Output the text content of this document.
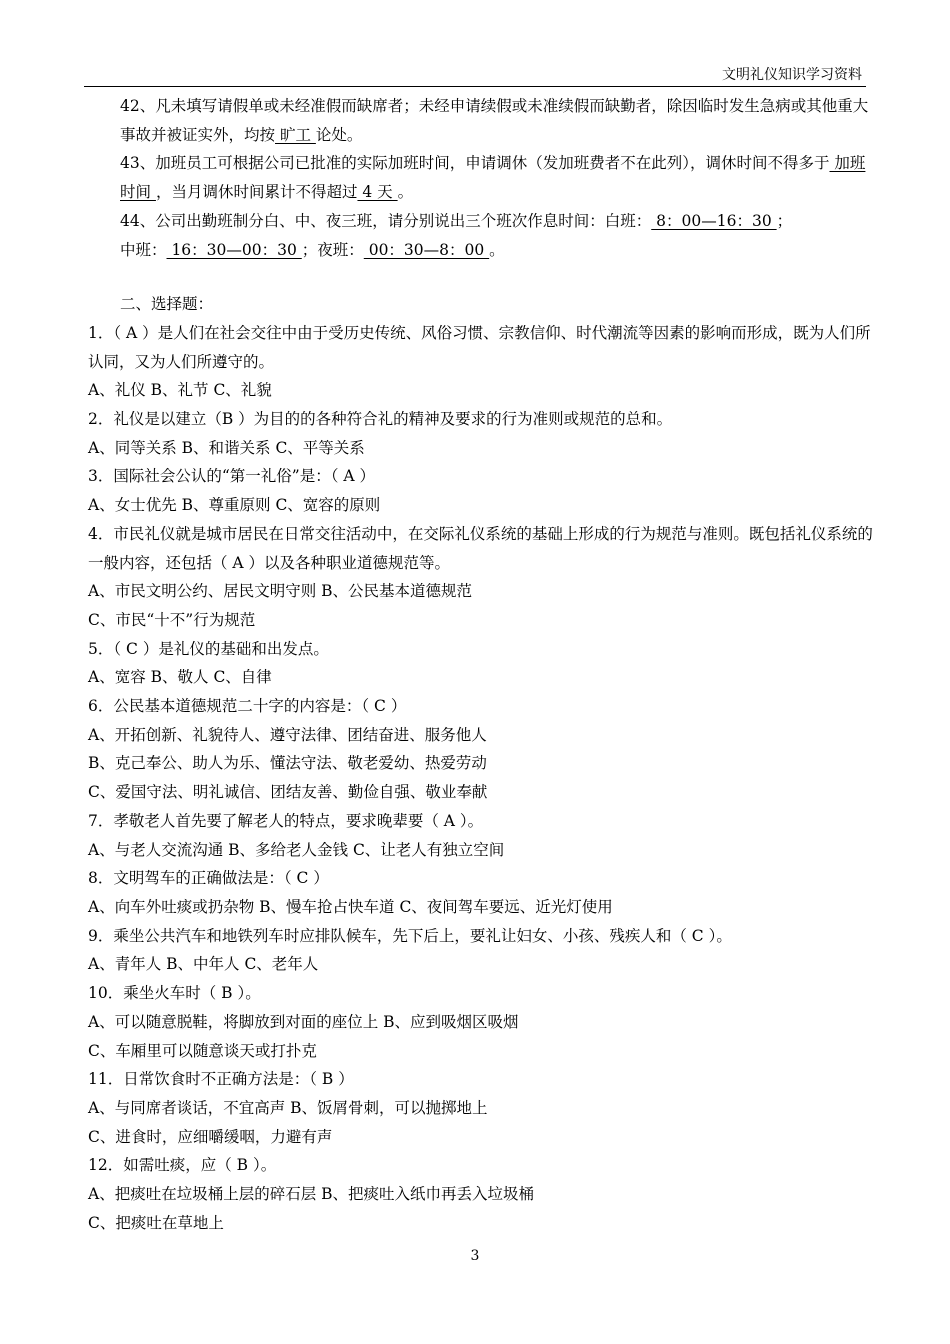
文明礼仪知识学习资料

42、凡未填写请假单或未经准假而缺席者；未经申请续假或未准续假而缺勤者，除因临时发生急病或其他重大事故并被证实外，均按 旷工 论处。

43、加班员工可根据公司已批准的实际加班时间，申请调休（发加班费者不在此列），调休时间不得多于 加班时间 ，当月调休时间累计不得超过 4 天 。

44、公司出勤班制分白、中、夜三班，请分别说出三个班次作息时间：白班： 8：00—16：30 ；

中班： 16：30—00：30 ；夜班： 00：30—8：00 。

二、选择题：

1．（ A ）是人们在社会交往中由于受历史传统、风俗习惯、宗教信仰、时代潮流等因素的影响而形成，既为人们所认同，又为人们所遵守的。

A、礼仪 B、礼节 C、礼貌

2．礼仪是以建立（B ）为目的的各种符合礼的精神及要求的行为准则或规范的总和。

A、同等关系 B、和谐关系 C、平等关系

3．国际社会公认的“第一礼俗”是：（ A ）

A、女士优先 B、尊重原则 C、宽容的原则

4．市民礼仪就是城市居民在日常交往活动中，在交际礼仪系统的基础上形成的行为规范与准则。既包括礼仪系统的一般内容，还包括（ A ）以及各种职业道德规范等。

A、市民文明公约、居民文明守则 B、公民基本道德规范

C、市民“十不”行为规范

5．（ C ）是礼仪的基础和出发点。

A、宽容 B、敬人 C、自律

6．公民基本道德规范二十字的内容是：（ C ）

A、开拓创新、礼貌待人、遵守法律、团结奋进、服务他人

B、克己奉公、助人为乐、懂法守法、敬老爱幼、热爱劳动

C、爱国守法、明礼诚信、团结友善、勤俭自强、敬业奉献

7．孝敬老人首先要了解老人的特点，要求晚辈要（ A ）。

A、与老人交流沟通 B、多给老人金钱 C、让老人有独立空间

8．文明驾车的正确做法是：（ C ）

A、向车外吐痰或扔杂物 B、慢车抢占快车道 C、夜间驾车要远、近光灯使用

9．乘坐公共汽车和地铁列车时应排队候车，先下后上，要礼让妇女、小孩、残疾人和（ C ）。

A、青年人 B、中年人 C、老年人

10．乘坐火车时（ B ）。

A、可以随意脱鞋，将脚放到对面的座位上 B、应到吸烟区吸烟

C、车厢里可以随意谈天或打扑克

11．日常饮食时不正确方法是：（ B ）

A、与同席者谈话，不宜高声 B、饭屑骨刺，可以抛掷地上

C、进食时，应细嚼缓咽，力避有声

12．如需吐痰，应（ B ）。

A、把痰吐在垃圾桶上层的碎石层 B、把痰吐入纸巾再丢入垃圾桶

C、把痰吐在草地上

3
